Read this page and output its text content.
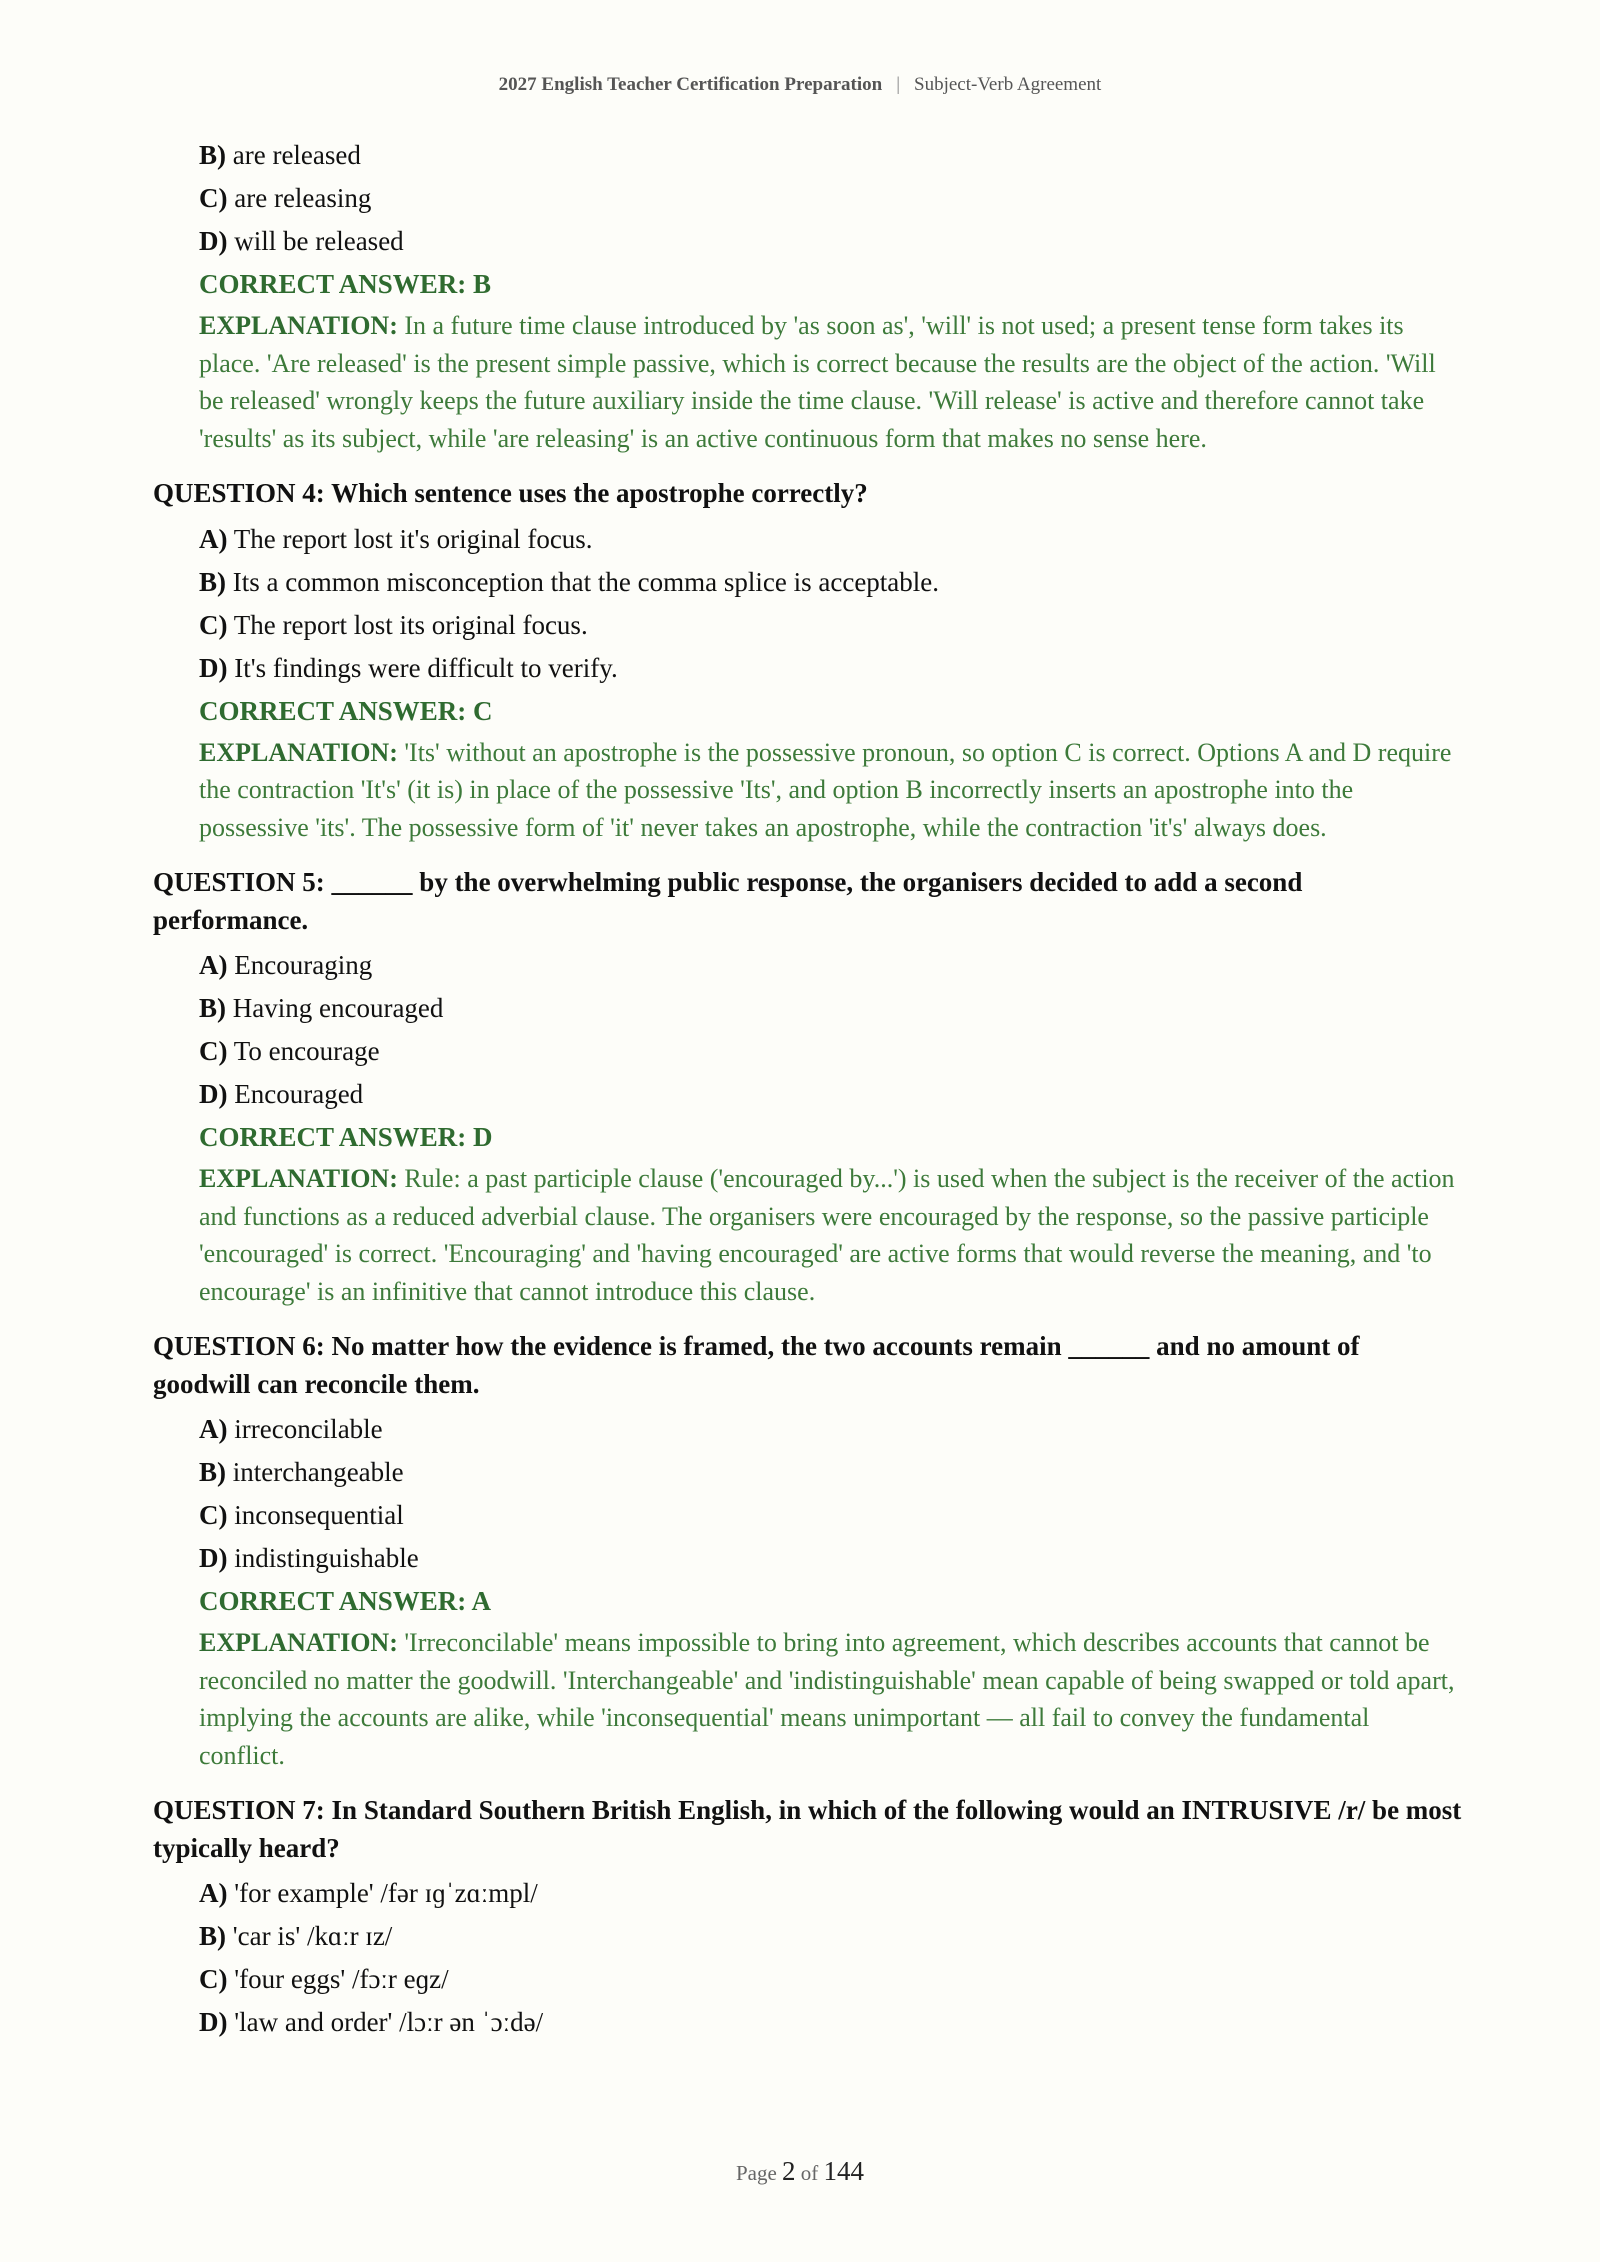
2027 English Teacher Certification Preparation | Subject-Verb Agreement
B) are released
C) are releasing
D) will be released
CORRECT ANSWER: B
EXPLANATION: In a future time clause introduced by 'as soon as', 'will' is not used; a present tense form takes its place. 'Are released' is the present simple passive, which is correct because the results are the object of the action. 'Will be released' wrongly keeps the future auxiliary inside the time clause. 'Will release' is active and therefore cannot take 'results' as its subject, while 'are releasing' is an active continuous form that makes no sense here.
QUESTION 4: Which sentence uses the apostrophe correctly?
A) The report lost it's original focus.
B) Its a common misconception that the comma splice is acceptable.
C) The report lost its original focus.
D) It's findings were difficult to verify.
CORRECT ANSWER: C
EXPLANATION: 'Its' without an apostrophe is the possessive pronoun, so option C is correct. Options A and D require the contraction 'It's' (it is) in place of the possessive 'Its', and option B incorrectly inserts an apostrophe into the possessive 'its'. The possessive form of 'it' never takes an apostrophe, while the contraction 'it's' always does.
QUESTION 5: ______ by the overwhelming public response, the organisers decided to add a second performance.
A) Encouraging
B) Having encouraged
C) To encourage
D) Encouraged
CORRECT ANSWER: D
EXPLANATION: Rule: a past participle clause ('encouraged by...') is used when the subject is the receiver of the action and functions as a reduced adverbial clause. The organisers were encouraged by the response, so the passive participle 'encouraged' is correct. 'Encouraging' and 'having encouraged' are active forms that would reverse the meaning, and 'to encourage' is an infinitive that cannot introduce this clause.
QUESTION 6: No matter how the evidence is framed, the two accounts remain ______ and no amount of goodwill can reconcile them.
A) irreconcilable
B) interchangeable
C) inconsequential
D) indistinguishable
CORRECT ANSWER: A
EXPLANATION: 'Irreconcilable' means impossible to bring into agreement, which describes accounts that cannot be reconciled no matter the goodwill. 'Interchangeable' and 'indistinguishable' mean capable of being swapped or told apart, implying the accounts are alike, while 'inconsequential' means unimportant — all fail to convey the fundamental conflict.
QUESTION 7: In Standard Southern British English, in which of the following would an INTRUSIVE /r/ be most typically heard?
A) 'for example' /fər ɪɡˈzɑːmpl/
B) 'car is' /kɑːr ɪz/
C) 'four eggs' /fɔːr eɡz/
D) 'law and order' /lɔːr ən ˈɔːdə/
Page 2 of 144
